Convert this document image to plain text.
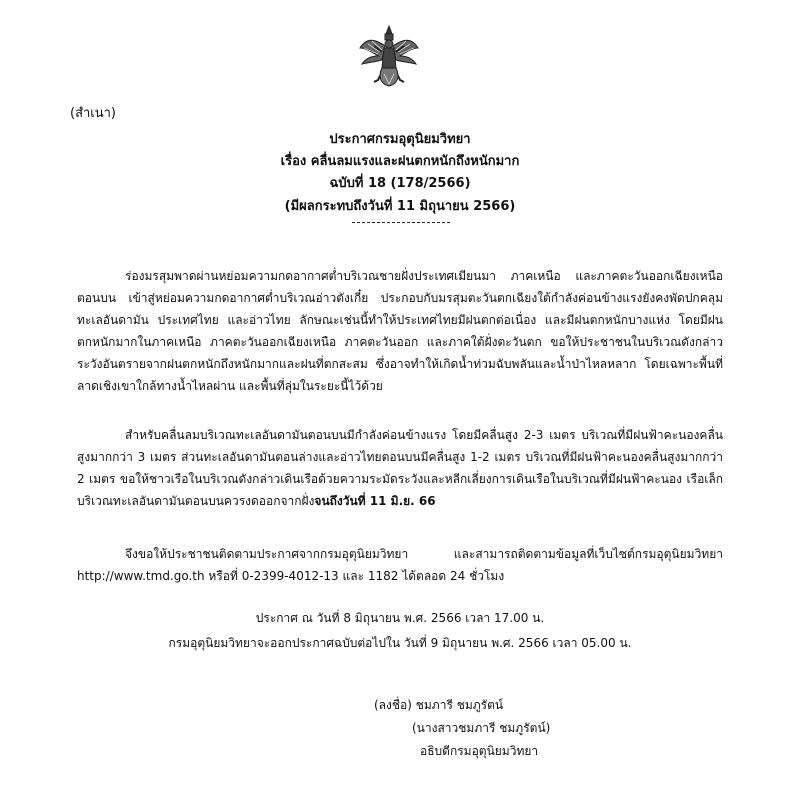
(สำเนา)
ประกาศกรมอุตุนิยมวิทยา
เรื่อง คลื่นลมแรงและฝนตกหนักถึงหนักมาก
ฉบับที่ 18 (178/2566)
(มีผลกระทบถึงวันที่ 11 มิถุนายน 2566)

ร่องมรสุมพาดผ่านหย่อมความกดอากาศต่ำบริเวณชายฝั่งประเทศเมียนมา ภาคเหนือ และภาคตะวันออกเฉียงเหนือตอนบน เข้าสู่หย่อมความกดอากาศต่ำบริเวณอ่าวตังเกี๋ย ประกอบกับมรสุมตะวันตกเฉียงใต้กำลังค่อนข้างแรงยังคงพัดปกคลุมทะเลอันดามัน ประเทศไทย และอ่าวไทย ลักษณะเช่นนี้ทำให้ประเทศไทยมีฝนตกต่อเนื่อง และมีฝนตกหนักบางแห่ง โดยมีฝนตกหนักมากในภาคเหนือ ภาคตะวันออกเฉียงเหนือ ภาคตะวันออก และภาคใต้ฝั่งตะวันตก ขอให้ประชาชนในบริเวณดังกล่าวระวังอันตรายจากฝนตกหนักถึงหนักมากและฝนที่ตกสะสม ซึ่งอาจทำให้เกิดน้ำท่วมฉับพลันและน้ำป่าไหลหลาก โดยเฉพาะพื้นที่ลาดเชิงเขาใกล้ทางน้ำไหลผ่าน และพื้นที่ลุ่มในระยะนี้ไว้ด้วย

สำหรับคลื่นลมบริเวณทะเลอันดามันตอนบนมีกำลังค่อนข้างแรง โดยมีคลื่นสูง 2-3 เมตร บริเวณที่มีฝนฟ้าคะนองคลื่นสูงมากกว่า 3 เมตร ส่วนทะเลอันดามันตอนล่างและอ่าวไทยตอนบนมีคลื่นสูง 1-2 เมตร บริเวณที่มีฝนฟ้าคะนองคลื่นสูงมากกว่า 2 เมตร ขอให้ชาวเรือในบริเวณดังกล่าวเดินเรือด้วยความระมัดระวังและหลีกเลี่ยงการเดินเรือในบริเวณที่มีฝนฟ้าคะนอง เรือเล็กบริเวณทะเลอันดามันตอนบนควรงดออกจากฝั่งจนถึงวันที่ 11 มิ.ย. 66

จึงขอให้ประชาชนติดตามประกาศจากกรมอุตุนิยมวิทยา และสามารถติดตามข้อมูลที่เว็บไซต์กรมอุตุนิยมวิทยา http://www.tmd.go.th หรือที่ 0-2399-4012-13 และ 1182 ได้ตลอด 24 ชั่วโมง

ประกาศ ณ วันที่ 8 มิถุนายน พ.ศ. 2566 เวลา 17.00 น.
กรมอุตุนิยมวิทยาจะออกประกาศฉบับต่อไปใน วันที่ 9 มิถุนายน พ.ศ. 2566 เวลา 05.00 น.
(ลงชื่อ) ชมภารี ชมภูรัตน์
(นางสาวชมภารี ชมภูรัตน์)
อธิบดีกรมอุตุนิยมวิทยา
